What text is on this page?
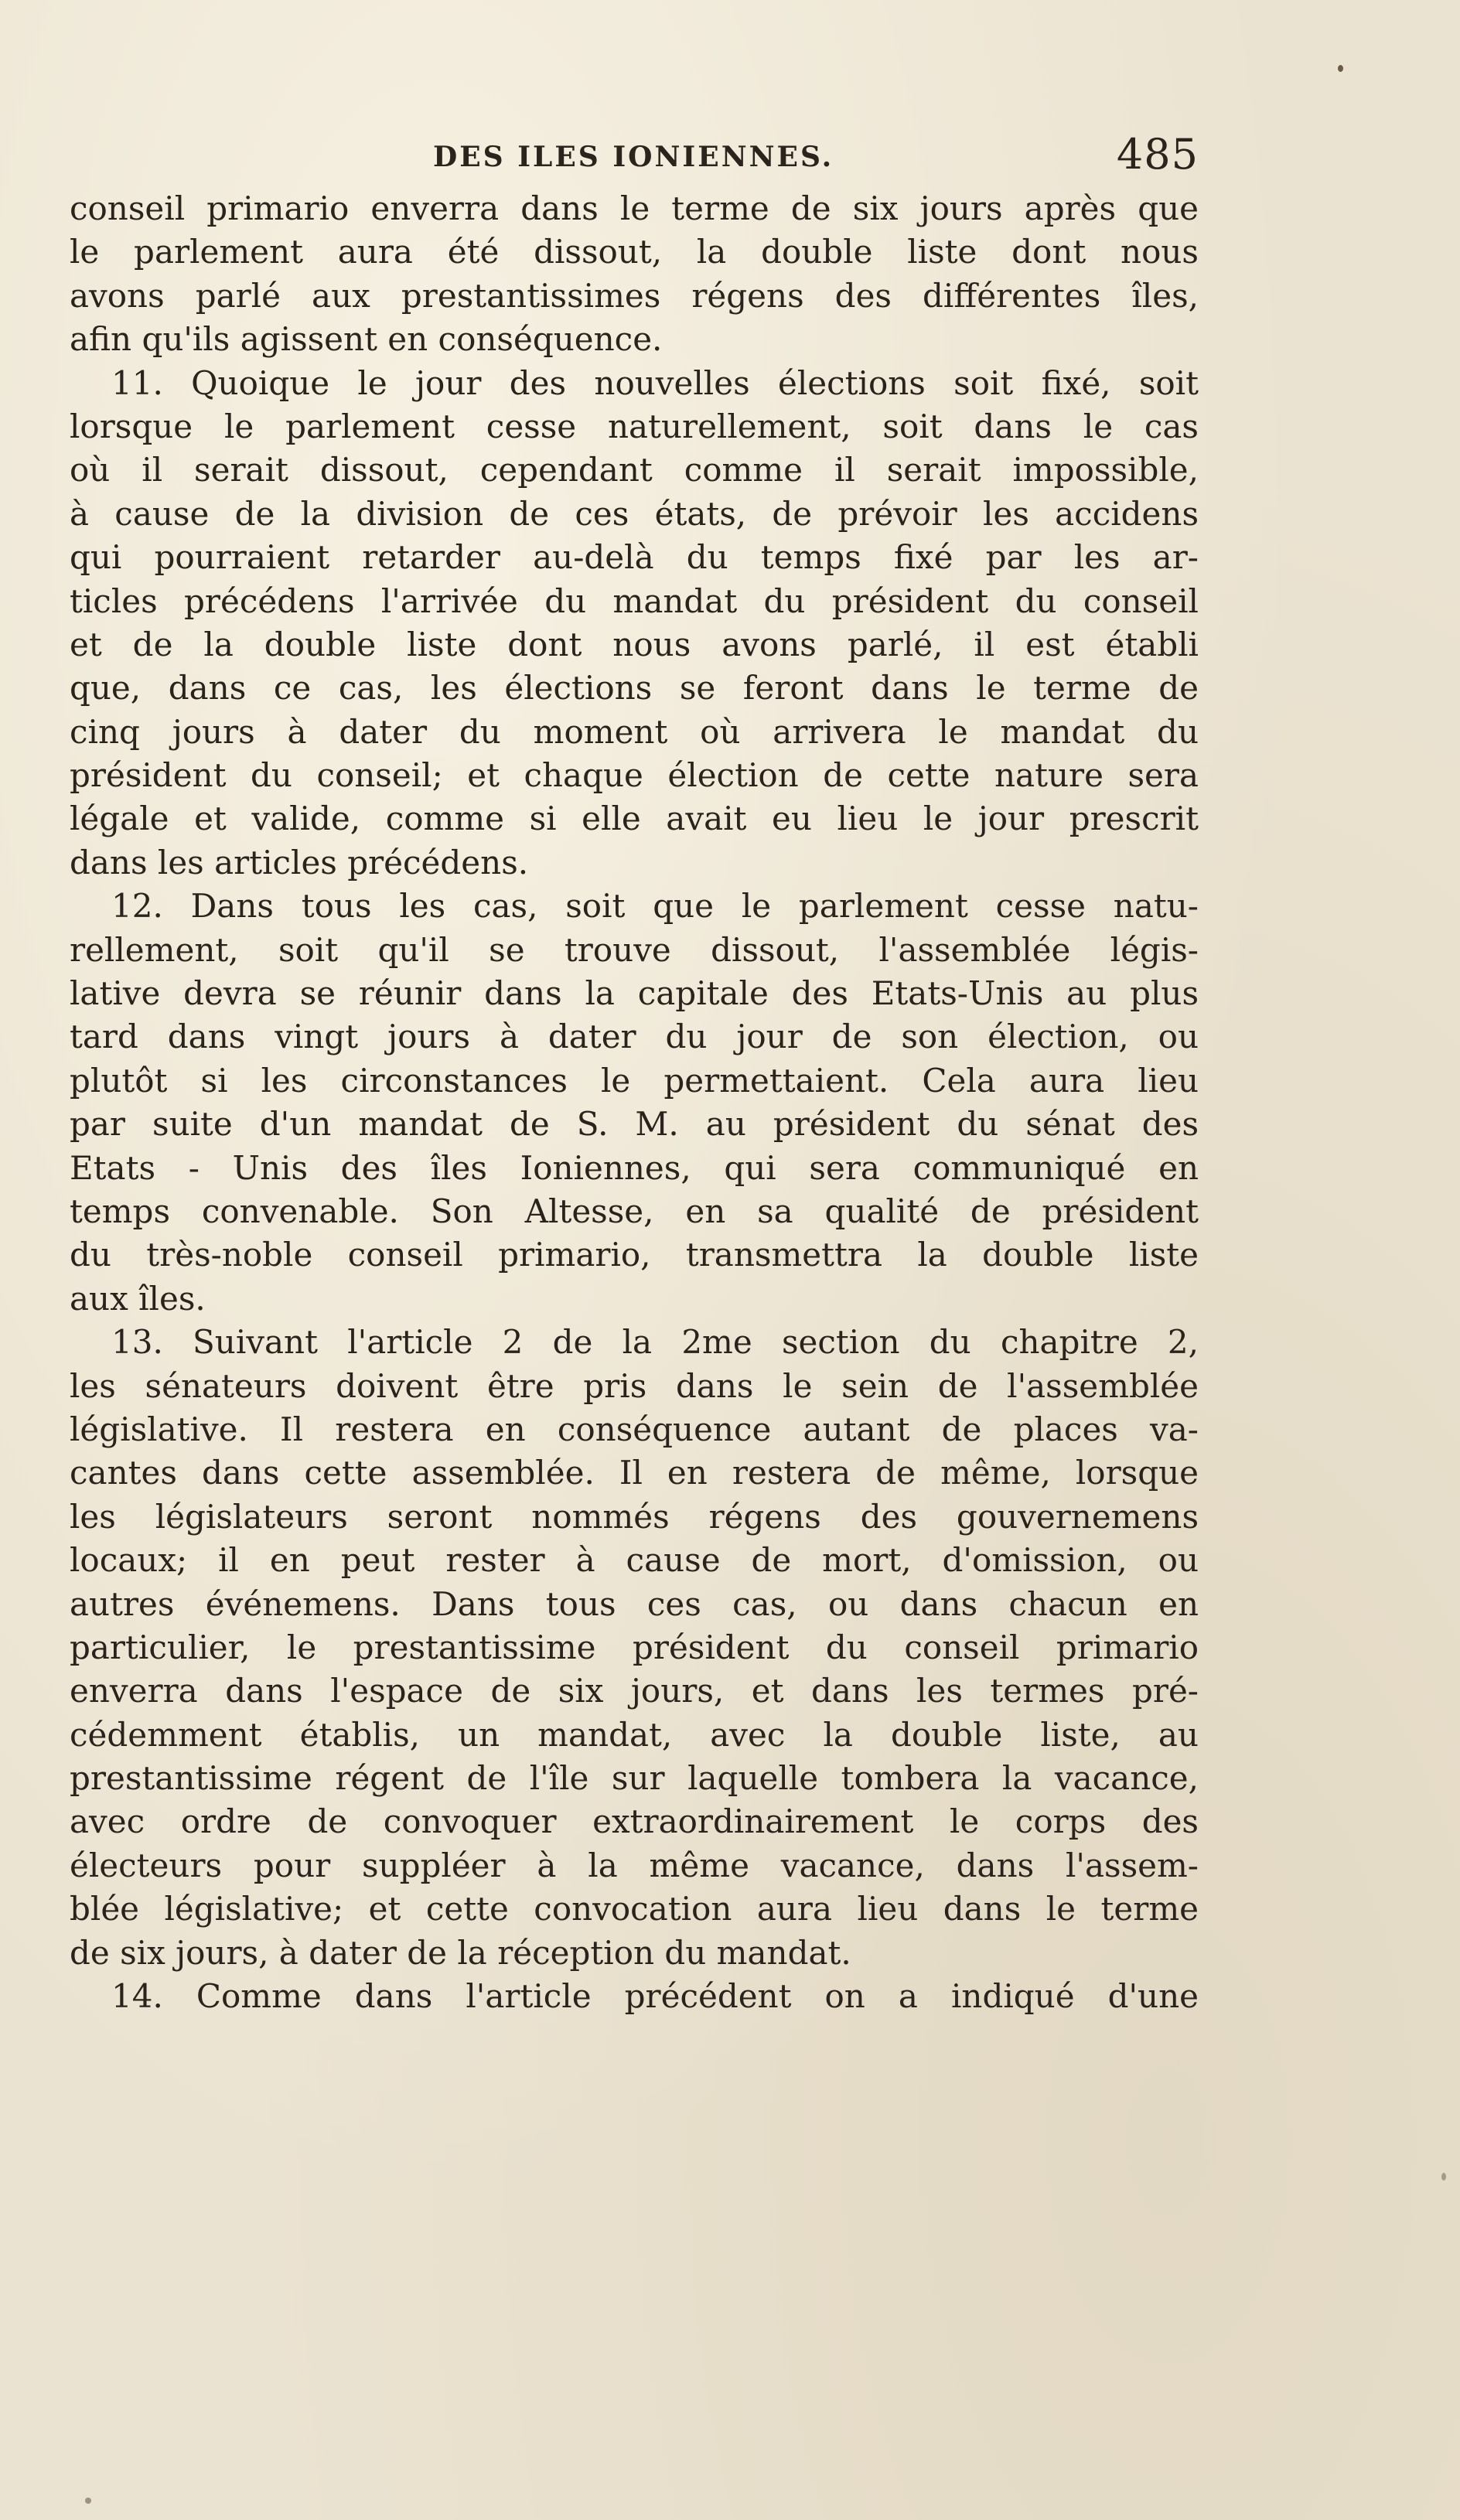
DES ILES IONIENNES.	485
conseil primario enverra dans le terme de six jours après que
le parlement aura été dissout, la double liste dont nous
avons parlé aux prestantissimes régens des différentes îles,
afin qu'ils agissent en conséquence.
11. Quoique le jour des nouvelles élections soit fixé, soit
lorsque le parlement cesse naturellement, soit dans le cas
où il serait dissout, cependant comme il serait impossible,
à cause de la division de ces états, de prévoir les accidens
qui pourraient retarder au-delà du temps fixé par les ar-
ticles précédens l'arrivée du mandat du président du conseil
et de la double liste dont nous avons parlé, il est établi
que, dans ce cas, les élections se feront dans le terme de
cinq jours à dater du moment où arrivera le mandat du
président du conseil; et chaque élection de cette nature sera
légale et valide, comme si elle avait eu lieu le jour prescrit
dans les articles précédens.
12. Dans tous les cas, soit que le parlement cesse natu-
rellement, soit qu'il se trouve dissout, l'assemblée légis-
lative devra se réunir dans la capitale des Etats-Unis au plus
tard dans vingt jours à dater du jour de son élection, ou
plutôt si les circonstances le permettaient. Cela aura lieu
par suite d'un mandat de S. M. au président du sénat des
Etats - Unis des îles Ioniennes, qui sera communiqué en
temps convenable. Son Altesse, en sa qualité de président
du très-noble conseil primario, transmettra la double liste
aux îles.
13. Suivant l'article 2 de la 2me section du chapitre 2,
les sénateurs doivent être pris dans le sein de l'assemblée
législative. Il restera en conséquence autant de places va-
cantes dans cette assemblée. Il en restera de même, lorsque
les législateurs seront nommés régens des gouvernemens
locaux; il en peut rester à cause de mort, d'omission, ou
autres événemens. Dans tous ces cas, ou dans chacun en
particulier, le prestantissime président du conseil primario
enverra dans l'espace de six jours, et dans les termes pré-
cédemment établis, un mandat, avec la double liste, au
prestantissime régent de l'île sur laquelle tombera la vacance,
avec ordre de convoquer extraordinairement le corps des
électeurs pour suppléer à la même vacance, dans l'assem-
blée législative; et cette convocation aura lieu dans le terme
de six jours, à dater de la réception du mandat.
14. Comme dans l'article précédent on a indiqué d'une
